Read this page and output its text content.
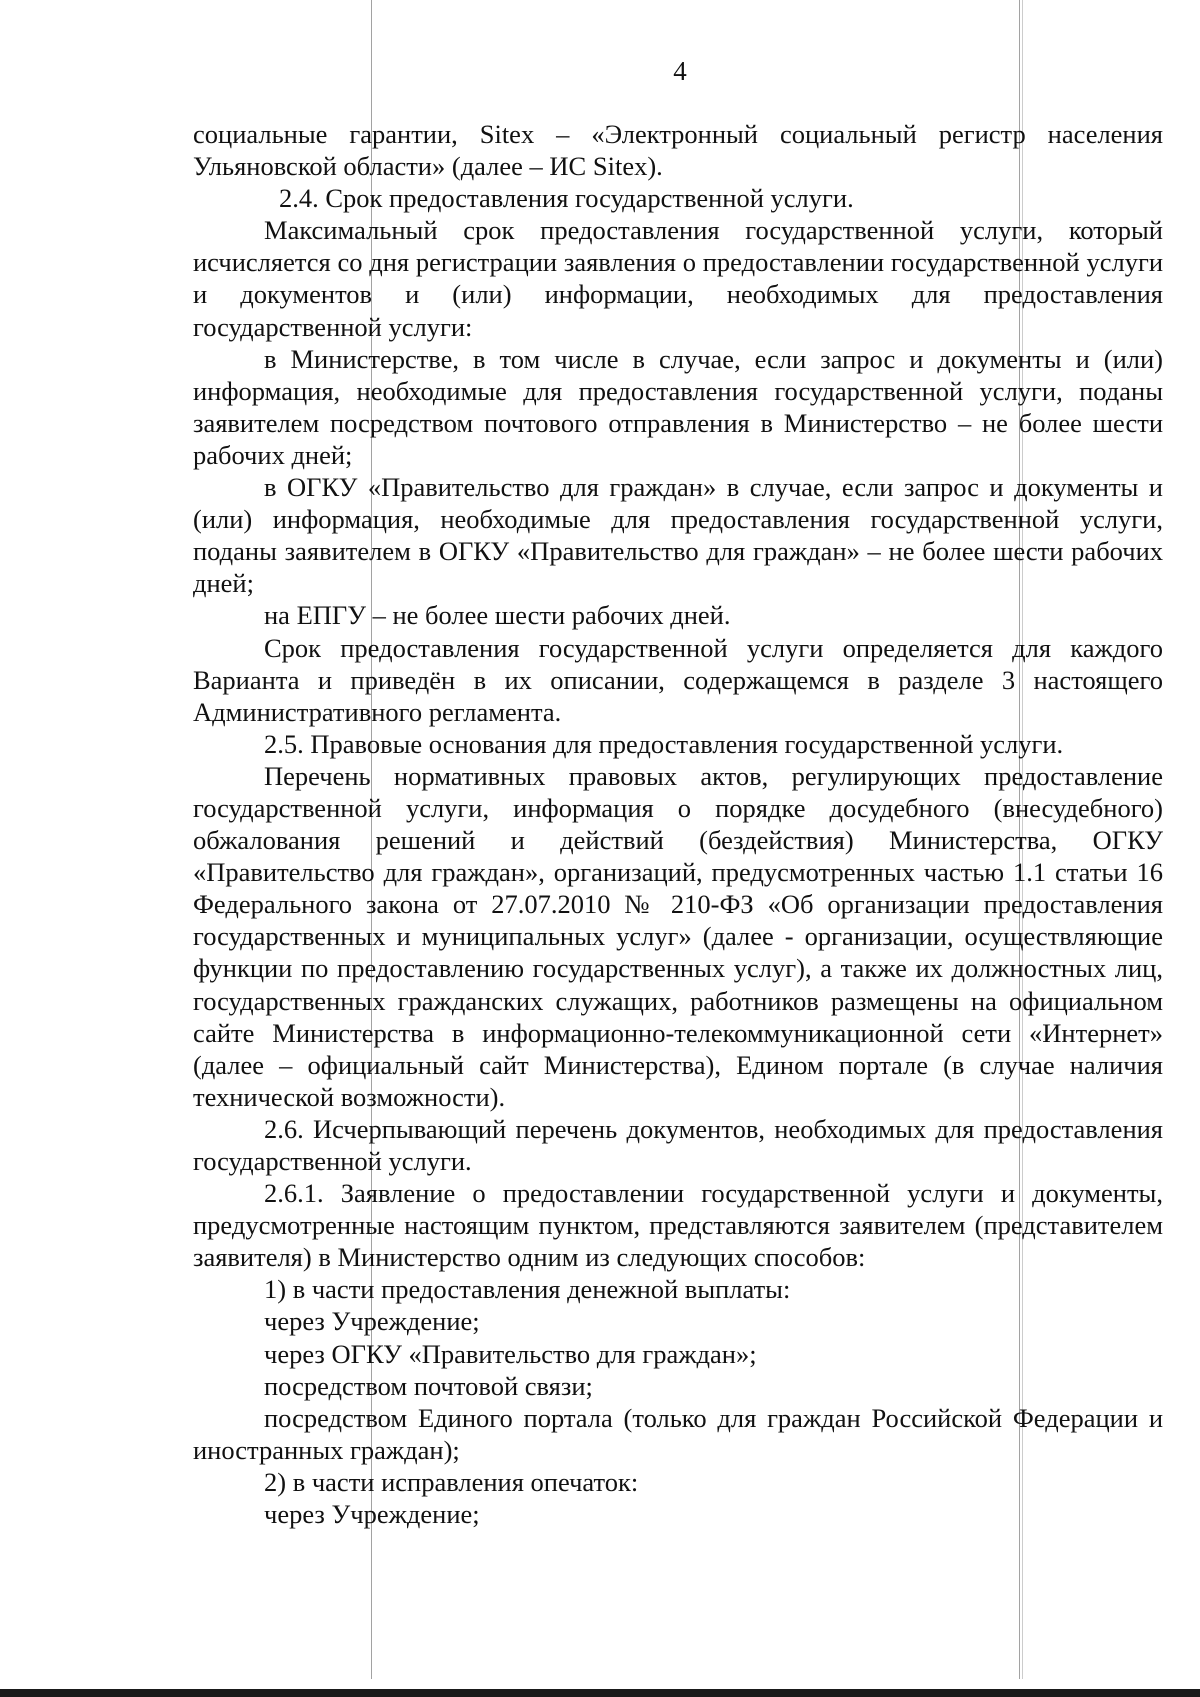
4

социальные гарантии, Sitex – «Электронный социальный регистр населения Ульяновской области» (далее – ИС Sitex).

2.4. Срок предоставления государственной услуги.

Максимальный срок предоставления государственной услуги, который исчисляется со дня регистрации заявления о предоставлении государственной услуги и документов и (или) информации, необходимых для предоставления государственной услуги:

в Министерстве, в том числе в случае, если запрос и документы и (или) информация, необходимые для предоставления государственной услуги, поданы заявителем посредством почтового отправления в Министерство – не более шести рабочих дней;

в ОГКУ «Правительство для граждан» в случае, если запрос и документы и (или) информация, необходимые для предоставления государственной услуги, поданы заявителем в ОГКУ «Правительство для граждан» – не более шести рабочих дней;

на ЕПГУ – не более шести рабочих дней.

Срок предоставления государственной услуги определяется для каждого Варианта и приведён в их описании, содержащемся в разделе 3 настоящего Административного регламента.

2.5. Правовые основания для предоставления государственной услуги.

Перечень нормативных правовых актов, регулирующих предоставление государственной услуги, информация о порядке досудебного (внесудебного) обжалования решений и действий (бездействия) Министерства, ОГКУ «Правительство для граждан», организаций, предусмотренных частью 1.1 статьи 16 Федерального закона от 27.07.2010 № 210-ФЗ «Об организации предоставления государственных и муниципальных услуг» (далее - организации, осуществляющие функции по предоставлению государственных услуг), а также их должностных лиц, государственных гражданских служащих, работников размещены на официальном сайте Министерства в информационно-телекоммуникационной сети «Интернет» (далее – официальный сайт Министерства), Едином портале (в случае наличия технической возможности).

2.6. Исчерпывающий перечень документов, необходимых для предоставления государственной услуги.

2.6.1. Заявление о предоставлении государственной услуги и документы, предусмотренные настоящим пунктом, представляются заявителем (представителем заявителя) в Министерство одним из следующих способов:

1) в части предоставления денежной выплаты:

через Учреждение;

через ОГКУ «Правительство для граждан»;

посредством почтовой связи;

посредством Единого портала (только для граждан Российской Федерации и иностранных граждан);

2) в части исправления опечаток:

через Учреждение;
